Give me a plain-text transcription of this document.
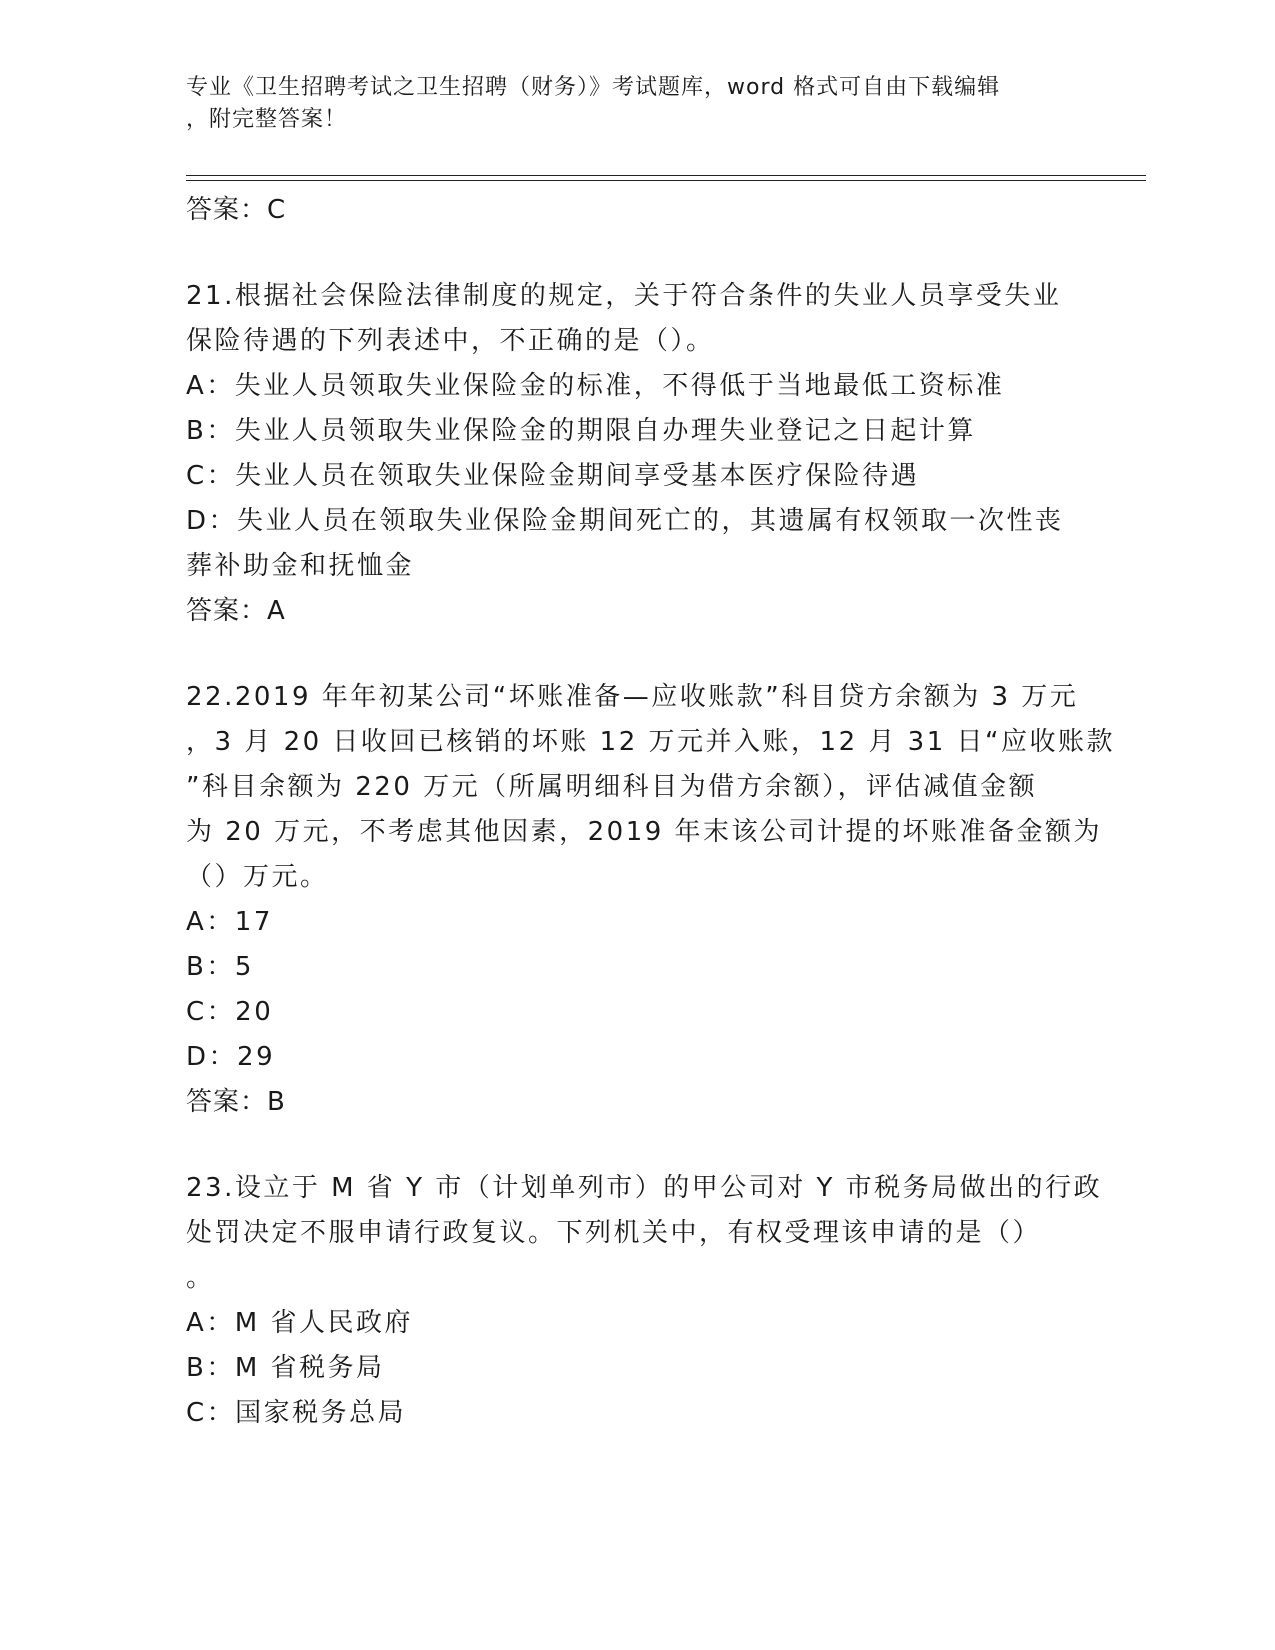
专业《卫生招聘考试之卫生招聘（财务）》考试题库，word 格式可自由下载编辑
，附完整答案！
答案：C
21.根据社会保险法律制度的规定，关于符合条件的失业人员享受失业
保险待遇的下列表述中，不正确的是（）。
A：失业人员领取失业保险金的标准，不得低于当地最低工资标准
B：失业人员领取失业保险金的期限自办理失业登记之日起计算
C：失业人员在领取失业保险金期间享受基本医疗保险待遇
D：失业人员在领取失业保险金期间死亡的，其遗属有权领取一次性丧
葬补助金和抚恤金
答案：A
22.2019 年年初某公司“坏账准备—应收账款”科目贷方余额为 3 万元
，3 月 20 日收回已核销的坏账 12 万元并入账，12 月 31 日“应收账款
”科目余额为 220 万元（所属明细科目为借方余额），评估减值金额
为 20 万元，不考虑其他因素，2019 年末该公司计提的坏账准备金额为
（）万元。
A：17
B：5
C：20
D：29
答案：B
23.设立于 M 省 Y 市（计划单列市）的甲公司对 Y 市税务局做出的行政
处罚决定不服申请行政复议。下列机关中，有权受理该申请的是（）
。
A：M 省人民政府
B：M 省税务局
C：国家税务总局
